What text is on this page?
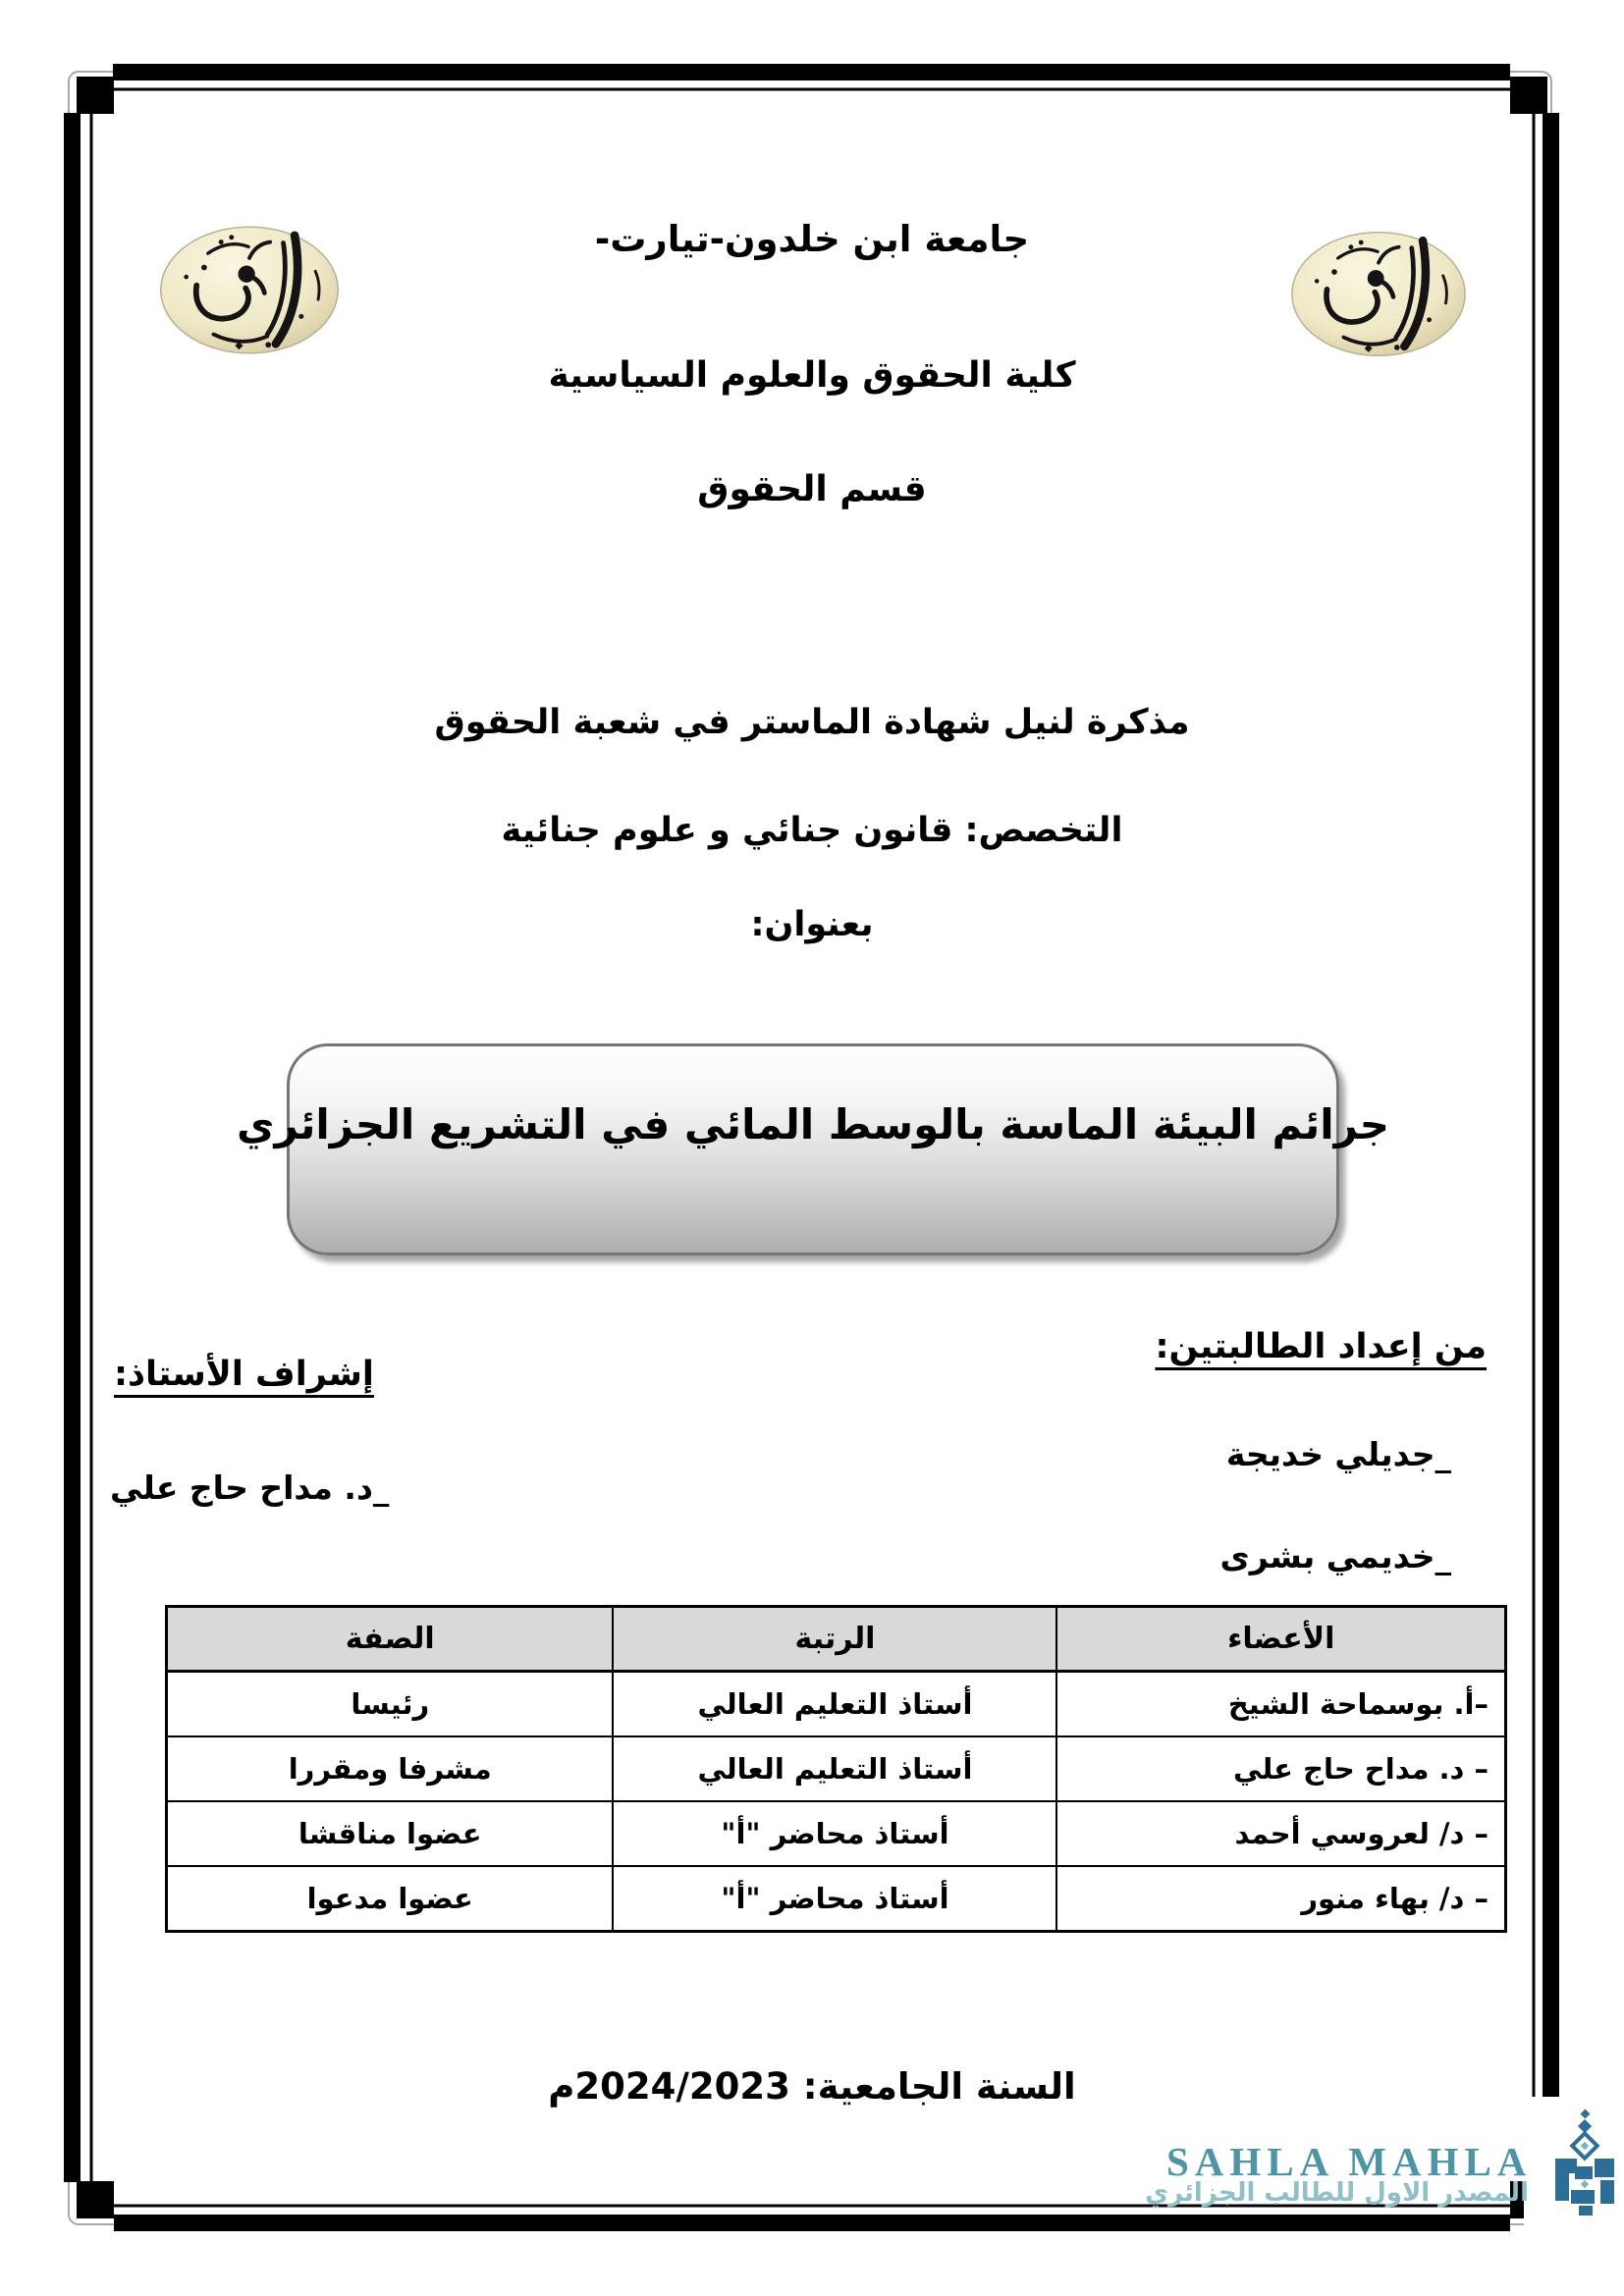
جامعة ابن خلدون-تيارت-
كلية الحقوق والعلوم السياسية
قسم الحقوق
مذكرة لنيل شهادة الماستر في شعبة الحقوق
التخصص: قانون جنائي و علوم جنائية
بعنوان:
جرائم البيئة الماسة بالوسط المائي في التشريع الجزائري
من إعداد الطالبتين:
_جديلي خديجة
_خديمي بشرى
إشراف الأستاذ:
_د. مداح حاج علي
الأعضاء	الرتبة	الصفة
–أ. بوسماحة الشيخ	أستاذ التعليم العالي	رئيسا
– د. مداح حاج علي	أستاذ التعليم العالي	مشرفا ومقررا
– د/ لعروسي أحمد	أستاذ محاضر "أ"	عضوا مناقشا
– د/ بهاء منور	أستاذ محاضر "أ"	عضوا مدعوا
السنة الجامعية: 2024/2023م
SAHLA MAHLA
المصدر الاول للطالب الجزائري
